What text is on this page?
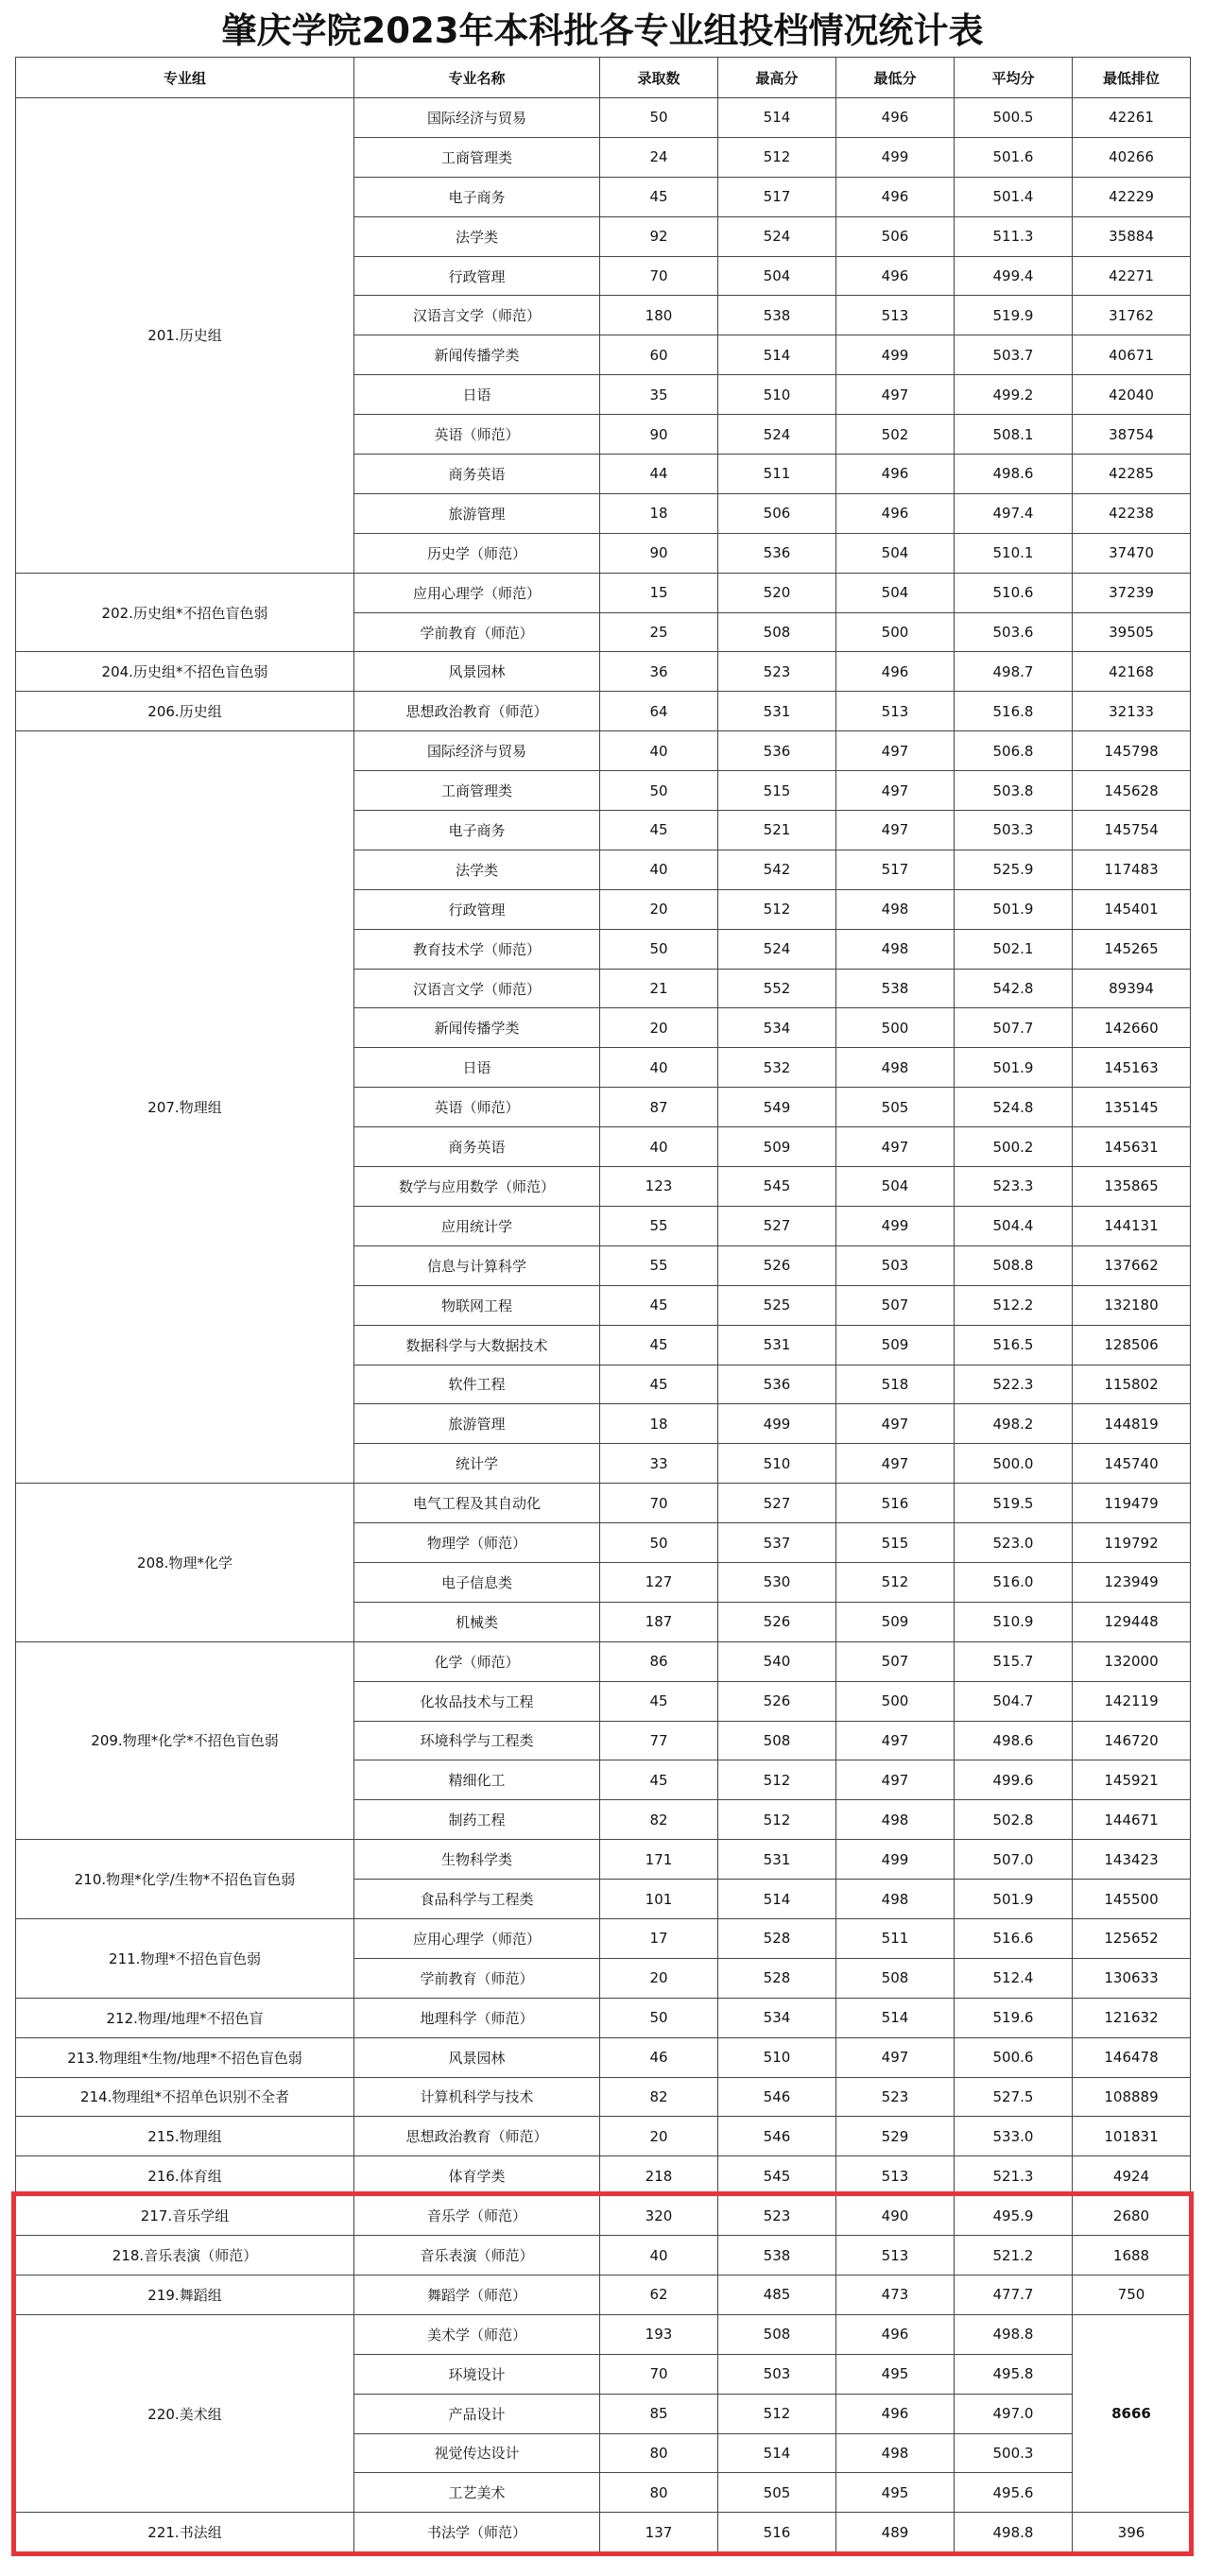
肇庆学院2023年本科批各专业组投档情况统计表
专业组	专业名称	录取数	最高分	最低分	平均分	最低排位
201.历史组	国际经济与贸易	50	514	496	500.5	42261
	工商管理类	24	512	499	501.6	40266
	电子商务	45	517	496	501.4	42229
	法学类	92	524	506	511.3	35884
	行政管理	70	504	496	499.4	42271
	汉语言文学（师范）	180	538	513	519.9	31762
	新闻传播学类	60	514	499	503.7	40671
	日语	35	510	497	499.2	42040
	英语（师范）	90	524	502	508.1	38754
	商务英语	44	511	496	498.6	42285
	旅游管理	18	506	496	497.4	42238
	历史学（师范）	90	536	504	510.1	37470
202.历史组*不招色盲色弱	应用心理学（师范）	15	520	504	510.6	37239
	学前教育（师范）	25	508	500	503.6	39505
204.历史组*不招色盲色弱	风景园林	36	523	496	498.7	42168
206.历史组	思想政治教育（师范）	64	531	513	516.8	32133
207.物理组	国际经济与贸易	40	536	497	506.8	145798
	工商管理类	50	515	497	503.8	145628
	电子商务	45	521	497	503.3	145754
	法学类	40	542	517	525.9	117483
	行政管理	20	512	498	501.9	145401
	教育技术学（师范）	50	524	498	502.1	145265
	汉语言文学（师范）	21	552	538	542.8	89394
	新闻传播学类	20	534	500	507.7	142660
	日语	40	532	498	501.9	145163
	英语（师范）	87	549	505	524.8	135145
	商务英语	40	509	497	500.2	145631
	数学与应用数学（师范）	123	545	504	523.3	135865
	应用统计学	55	527	499	504.4	144131
	信息与计算科学	55	526	503	508.8	137662
	物联网工程	45	525	507	512.2	132180
	数据科学与大数据技术	45	531	509	516.5	128506
	软件工程	45	536	518	522.3	115802
	旅游管理	18	499	497	498.2	144819
	统计学	33	510	497	500.0	145740
208.物理*化学	电气工程及其自动化	70	527	516	519.5	119479
	物理学（师范）	50	537	515	523.0	119792
	电子信息类	127	530	512	516.0	123949
	机械类	187	526	509	510.9	129448
209.物理*化学*不招色盲色弱	化学（师范）	86	540	507	515.7	132000
	化妆品技术与工程	45	526	500	504.7	142119
	环境科学与工程类	77	508	497	498.6	146720
	精细化工	45	512	497	499.6	145921
	制药工程	82	512	498	502.8	144671
210.物理*化学/生物*不招色盲色弱	生物科学类	171	531	499	507.0	143423
	食品科学与工程类	101	514	498	501.9	145500
211.物理*不招色盲色弱	应用心理学（师范）	17	528	511	516.6	125652
	学前教育（师范）	20	528	508	512.4	130633
212.物理/地理*不招色盲	地理科学（师范）	50	534	514	519.6	121632
213.物理组*生物/地理*不招色盲色弱	风景园林	46	510	497	500.6	146478
214.物理组*不招单色识别不全者	计算机科学与技术	82	546	523	527.5	108889
215.物理组	思想政治教育（师范）	20	546	529	533.0	101831
216.体育组	体育学类	218	545	513	521.3	4924
217.音乐学组	音乐学（师范）	320	523	490	495.9	2680
218.音乐表演（师范）	音乐表演（师范）	40	538	513	521.2	1688
219.舞蹈组	舞蹈学（师范）	62	485	473	477.7	750
220.美术组	美术学（师范）	193	508	496	498.8	8666
	环境设计	70	503	495	495.8	
	产品设计	85	512	496	497.0	
	视觉传达设计	80	514	498	500.3	
	工艺美术	80	505	495	495.6	
221.书法组	书法学（师范）	137	516	489	498.8	396
